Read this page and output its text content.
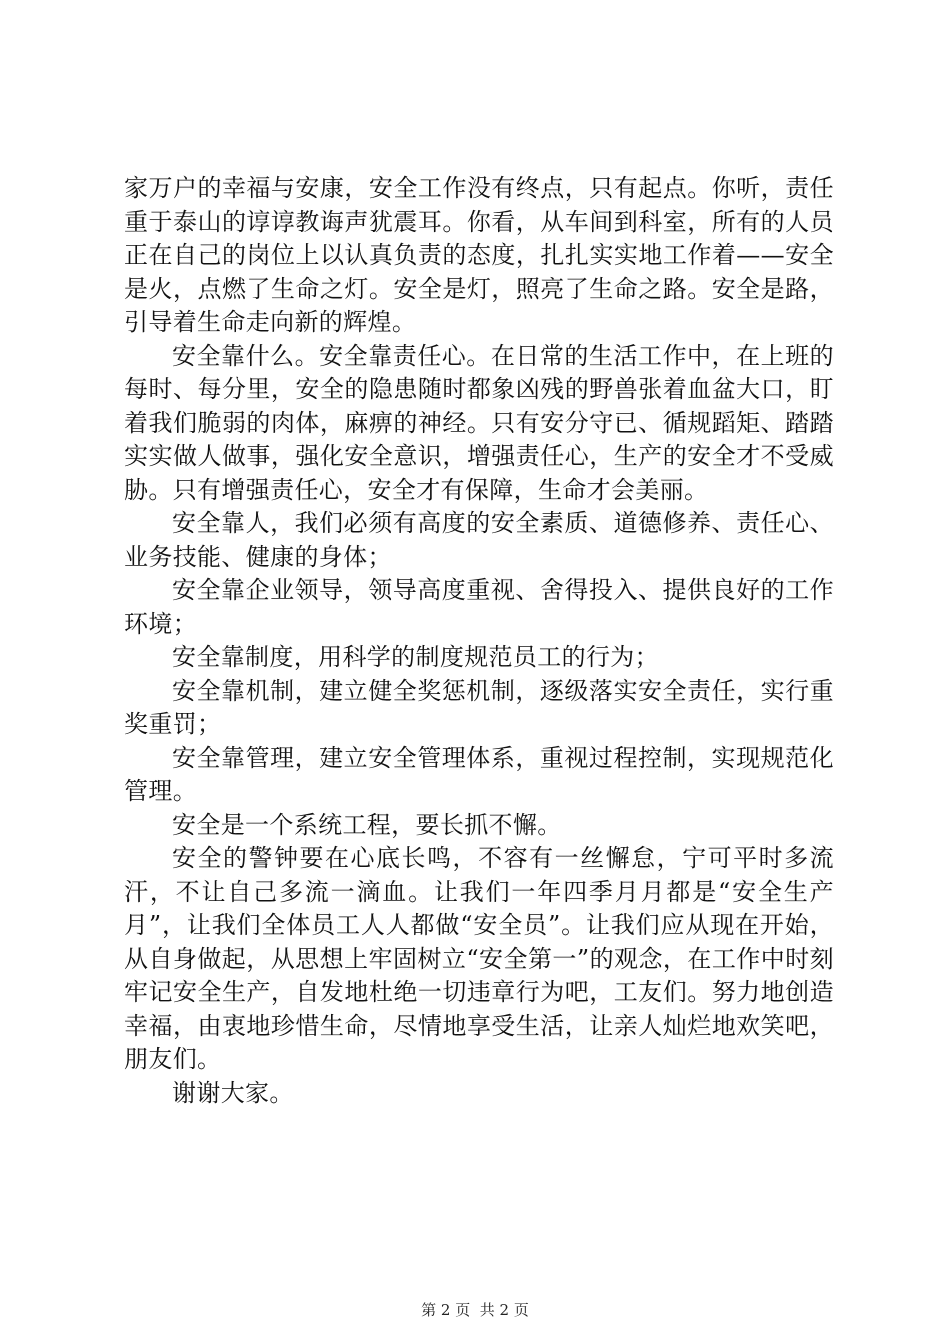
家万户的幸福与安康，安全工作没有终点，只有起点。你听，责任重于泰山的谆谆教诲声犹震耳。你看，从车间到科室，所有的人员正在自己的岗位上以认真负责的态度，扎扎实实地工作着——安全是火，点燃了生命之灯。安全是灯，照亮了生命之路。安全是路，引导着生命走向新的辉煌。

安全靠什么。安全靠责任心。在日常的生活工作中，在上班的每时、每分里，安全的隐患随时都象凶残的野兽张着血盆大口，盯着我们脆弱的肉体，麻痹的神经。只有安分守已、循规蹈矩、踏踏实实做人做事，强化安全意识，增强责任心，生产的安全才不受威胁。只有增强责任心，安全才有保障，生命才会美丽。

安全靠人，我们必须有高度的安全素质、道德修养、责任心、业务技能、健康的身体；

安全靠企业领导，领导高度重视、舍得投入、提供良好的工作环境；

安全靠制度，用科学的制度规范员工的行为；

安全靠机制，建立健全奖惩机制，逐级落实安全责任，实行重奖重罚；

安全靠管理，建立安全管理体系，重视过程控制，实现规范化管理。

安全是一个系统工程，要长抓不懈。

安全的警钟要在心底长鸣，不容有一丝懈怠，宁可平时多流汗，不让自己多流一滴血。让我们一年四季月月都是“安全生产月”，让我们全体员工人人都做“安全员”。让我们应从现在开始，从自身做起，从思想上牢固树立“安全第一”的观念，在工作中时刻牢记安全生产，自发地杜绝一切违章行为吧，工友们。努力地创造幸福，由衷地珍惜生命，尽情地享受生活，让亲人灿烂地欢笑吧，朋友们。

谢谢大家。

第 2 页  共 2 页
